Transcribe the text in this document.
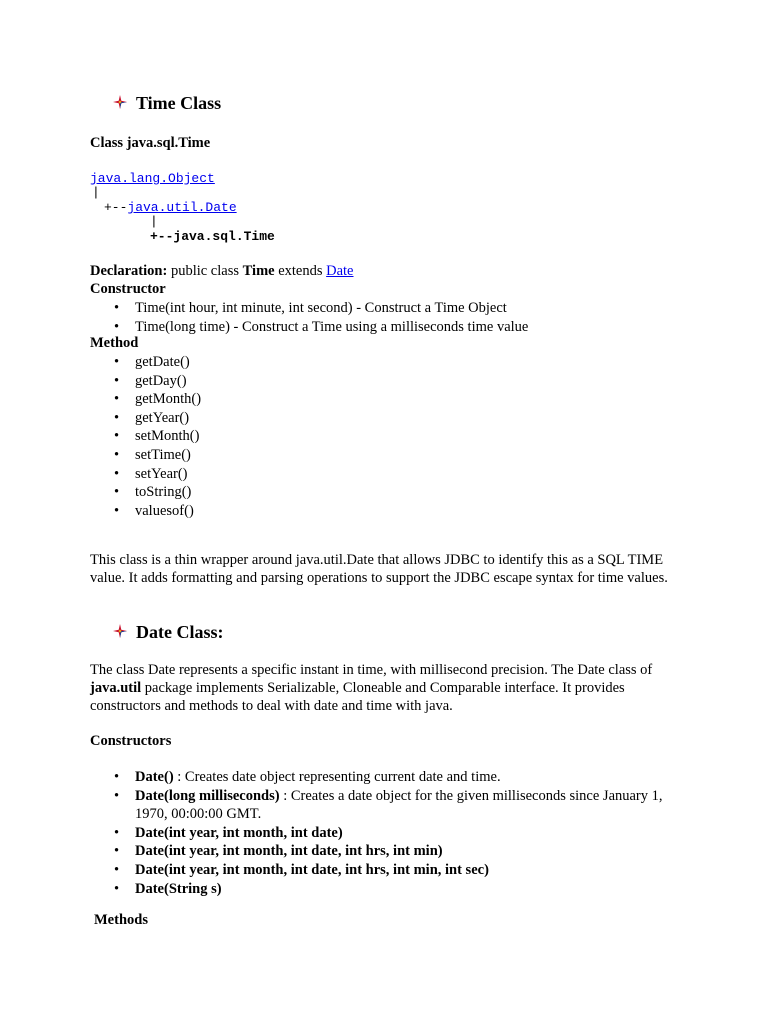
Time Class
Class java.sql.Time
java.lang.Object
|
+--java.util.Date
|
+--java.sql.Time
Declaration: public class Time extends Date
Constructor
• Time(int hour, int minute, int second) - Construct a Time Object
• Time(long time) - Construct a Time using a milliseconds time value
Method
• getDate()
• getDay()
• getMonth()
• getYear()
• setMonth()
• setTime()
• setYear()
• toString()
• valuesof()
This class is a thin wrapper around java.util.Date that allows JDBC to identify this as a SQL TIME value. It adds formatting and parsing operations to support the JDBC escape syntax for time values.
Date Class:
The class Date represents a specific instant in time, with millisecond precision. The Date class of java.util package implements Serializable, Cloneable and Comparable interface. It provides constructors and methods to deal with date and time with java.
Constructors
• Date() : Creates date object representing current date and time.
• Date(long milliseconds) : Creates a date object for the given milliseconds since January 1, 1970, 00:00:00 GMT.
• Date(int year, int month, int date)
• Date(int year, int month, int date, int hrs, int min)
• Date(int year, int month, int date, int hrs, int min, int sec)
• Date(String s)
Methods
